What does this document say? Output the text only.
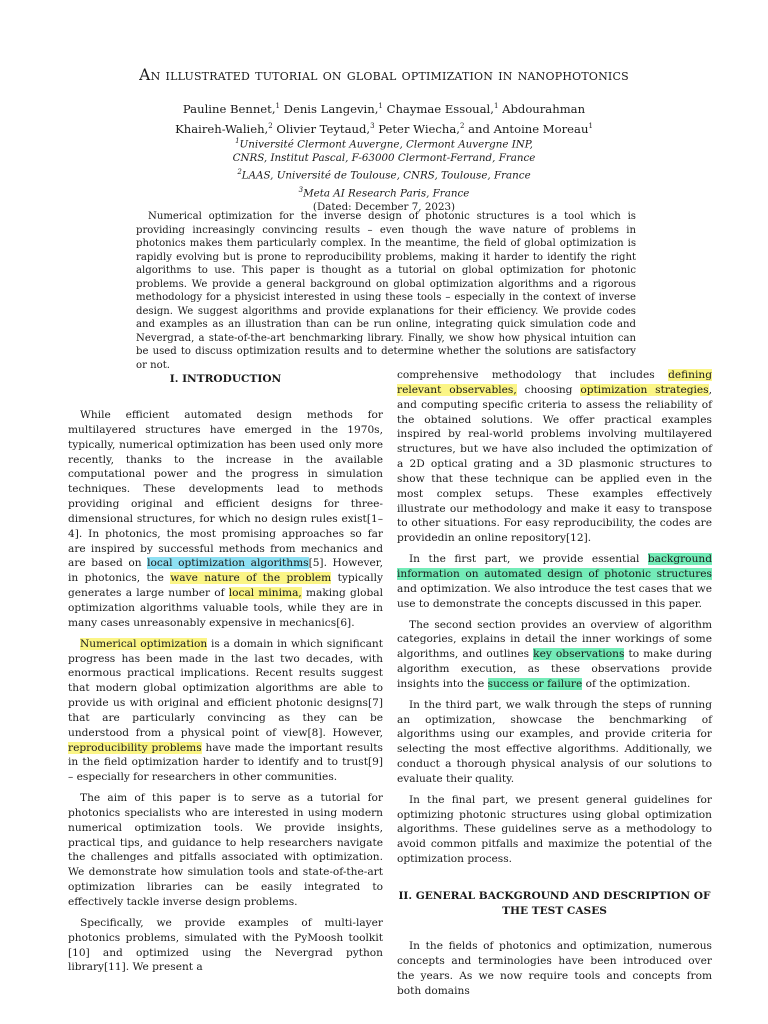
An illustrated tutorial on global optimization in nanophotonics
Pauline Bennet,$^1$ Denis Langevin,$^1$ Chaymae Essoual,$^1$ Abdourahman
Khaireh-Walieh,$^2$ Olivier Teytaud,$^3$ Peter Wiecha,$^2$ and Antoine Moreau$^1$
$^1$Université Clermont Auvergne, Clermont Auvergne INP,
CNRS, Institut Pascal, F-63000 Clermont-Ferrand, France
$^2$LAAS, Université de Toulouse, CNRS, Toulouse, France
$^3$Meta AI Research Paris, France
(Dated: December 7, 2023)
Numerical optimization for the inverse design of photonic structures is a tool which is providing increasingly convincing results – even though the wave nature of problems in photonics makes them particularly complex. In the meantime, the field of global optimization is rapidly evolving but is prone to reproducibility problems, making it harder to identify the right algorithms to use. This paper is thought as a tutorial on global optimization for photonic problems. We provide a general background on global optimization algorithms and a rigorous methodology for a physicist interested in using these tools – especially in the context of inverse design. We suggest algorithms and provide explanations for their efficiency. We provide codes and examples as an illustration than can be run online, integrating quick simulation code and Nevergrad, a state-of-the-art benchmarking library. Finally, we show how physical intuition can be used to discuss optimization results and to determine whether the solutions are satisfactory or not.
I. INTRODUCTION

While efficient automated design methods for multilayered structures have emerged in the 1970s, typically, numerical optimization has been used only more recently, thanks to the increase in the available computational power and the progress in simulation techniques. These developments lead to methods providing original and efficient designs for three-dimensional structures, for which no design rules exist[1–4]. In photonics, the most promising approaches so far are inspired by successful methods from mechanics and are based on local optimization algorithms[5]. However, in photonics, the wave nature of the problem typically generates a large number of local minima, making global optimization algorithms valuable tools, while they are in many cases unreasonably expensive in mechanics[6].

Numerical optimization is a domain in which significant progress has been made in the last two decades, with enormous practical implications. Recent results suggest that modern global optimization algorithms are able to provide us with original and efficient photonic designs[7] that are particularly convincing as they can be understood from a physical point of view[8]. However, reproducibility problems have made the important results in the field optimization harder to identify and to trust[9] – especially for researchers in other communities.

The aim of this paper is to serve as a tutorial for photonics specialists who are interested in using modern numerical optimization tools. We provide insights, practical tips, and guidance to help researchers navigate the challenges and pitfalls associated with optimization. We demonstrate how simulation tools and state-of-the-art optimization libraries can be easily integrated to effectively tackle inverse design problems.

Specifically, we provide examples of multi-layer photonics problems, simulated with the PyMoosh toolkit [10] and optimized using the Nevergrad python library[11]. We present a

comprehensive methodology that includes defining relevant observables, choosing optimization strategies, and computing specific criteria to assess the reliability of the obtained solutions. We offer practical examples inspired by real-world problems involving multilayered structures, but we have also included the optimization of a 2D optical grating and a 3D plasmonic structures to show that these technique can be applied even in the most complex setups. These examples effectively illustrate our methodology and make it easy to transpose to other situations. For easy reproducibility, the codes are providedin an online repository[12].

In the first part, we provide essential background information on automated design of photonic structures and optimization. We also introduce the test cases that we use to demonstrate the concepts discussed in this paper.

The second section provides an overview of algorithm categories, explains in detail the inner workings of some algorithms, and outlines key observations to make during algorithm execution, as these observations provide insights into the success or failure of the optimization.

In the third part, we walk through the steps of running an optimization, showcase the benchmarking of algorithms using our examples, and provide criteria for selecting the most effective algorithms. Additionally, we conduct a thorough physical analysis of our solutions to evaluate their quality.

In the final part, we present general guidelines for optimizing photonic structures using global optimization algorithms. These guidelines serve as a methodology to avoid common pitfalls and maximize the potential of the optimization process.

II. GENERAL BACKGROUND AND DESCRIPTION OF THE TEST CASES

In the fields of photonics and optimization, numerous concepts and terminologies have been introduced over the years. As we now require tools and concepts from both domains
